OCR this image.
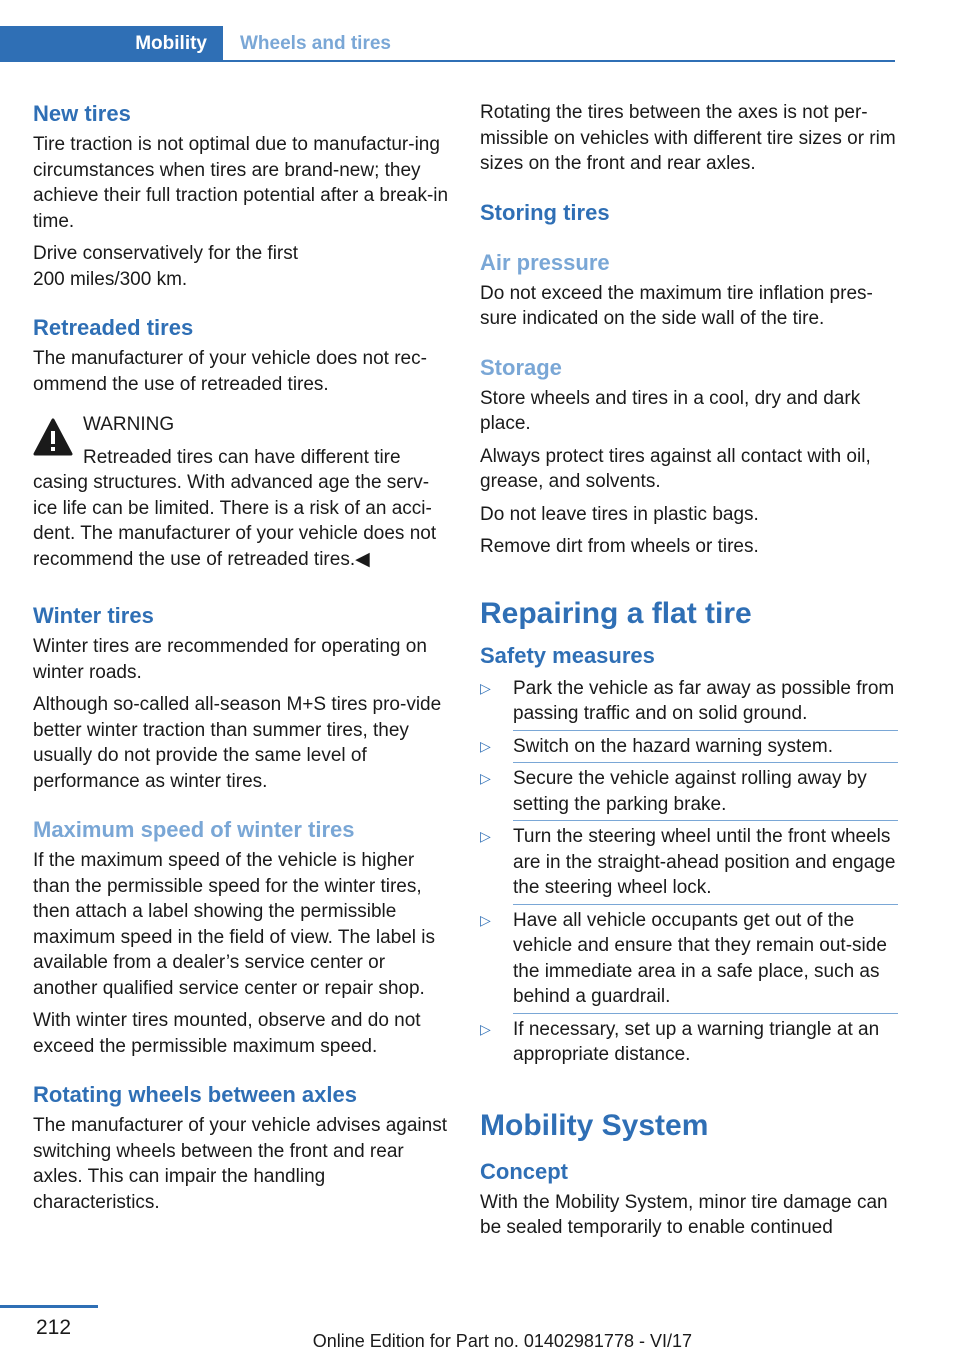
Mobility	Wheels and tires
New tires

Tire traction is not optimal due to manufactur‐ing circumstances when tires are brand-new; they achieve their full traction potential after a break-in time.

Drive conservatively for the first
200 miles/300 km.

Retreaded tires

The manufacturer of your vehicle does not rec‐ommend the use of retreaded tires.

WARNING

Retreaded tires can have different tire
casing structures. With advanced age the serv‐ice life can be limited. There is a risk of an acci‐dent. The manufacturer of your vehicle does not recommend the use of retreaded tires.◀

Winter tires

Winter tires are recommended for operating on winter roads.

Although so-called all-season M+S tires pro‐vide better winter traction than summer tires, they usually do not provide the same level of performance as winter tires.

Maximum speed of winter tires

If the maximum speed of the vehicle is higher than the permissible speed for the winter tires, then attach a label showing the permissible maximum speed in the field of view. The label is available from a dealer’s service center or another qualified service center or repair shop.

With winter tires mounted, observe and do not exceed the permissible maximum speed.

Rotating wheels between axles

The manufacturer of your vehicle advises against switching wheels between the front and rear axles. This can impair the handling characteristics.

Rotating the tires between the axes is not per‐missible on vehicles with different tire sizes or rim sizes on the front and rear axles.

Storing tires
Air pressure

Do not exceed the maximum tire inflation pres‐sure indicated on the side wall of the tire.

Storage

Store wheels and tires in a cool, dry and dark place.

Always protect tires against all contact with oil, grease, and solvents.

Do not leave tires in plastic bags.

Remove dirt from wheels or tires.

Repairing a flat tire
Safety measures
▷ Park the vehicle as far away as possible from passing traffic and on solid ground.
▷ Switch on the hazard warning system.
▷ Secure the vehicle against rolling away by setting the parking brake.
▷ Turn the steering wheel until the front wheels are in the straight-ahead position and engage the steering wheel lock.
▷ Have all vehicle occupants get out of the vehicle and ensure that they remain out‐side the immediate area in a safe place, such as behind a guardrail.
▷ If necessary, set up a warning triangle at an appropriate distance.
Mobility System
Concept

With the Mobility System, minor tire damage can be sealed temporarily to enable continued

212
Online Edition for Part no. 01402981778 - VI/17
